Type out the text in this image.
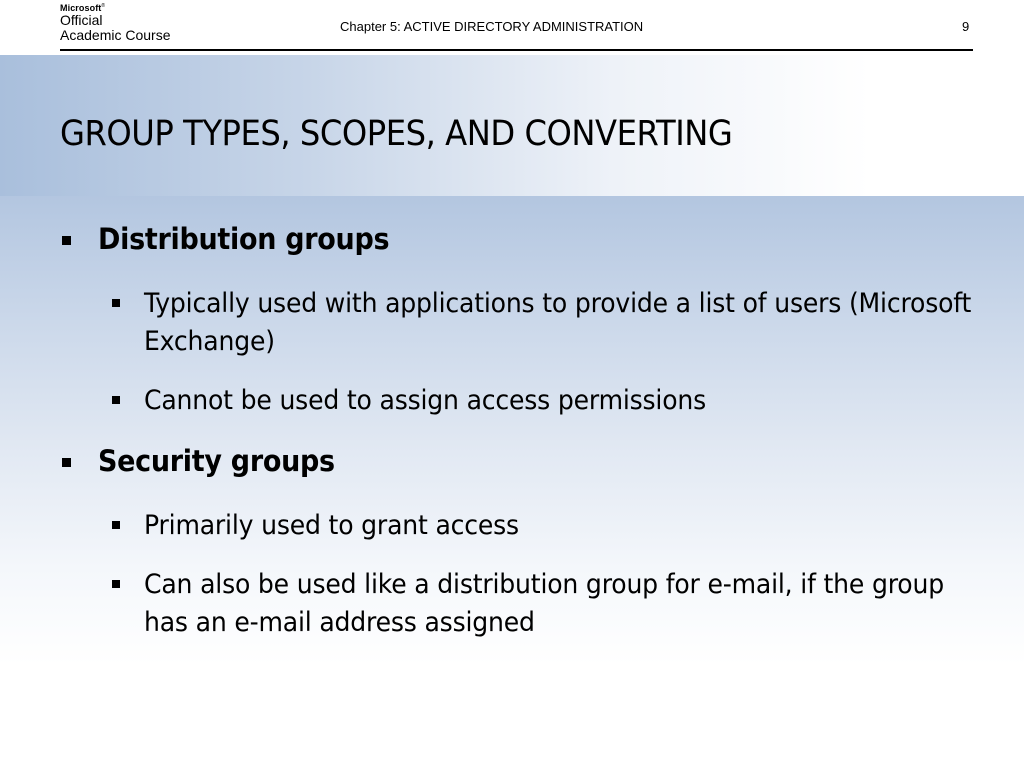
Microsoft®
Official
Academic Course
Chapter 5: ACTIVE DIRECTORY ADMINISTRATION	9
GROUP TYPES, SCOPES, AND CONVERTING
Distribution groups
Typically used with applications to provide a list of users (Microsoft Exchange)
Cannot be used to assign access permissions
Security groups
Primarily used to grant access
Can also be used like a distribution group for e-mail, if the group has an e-mail address assigned
